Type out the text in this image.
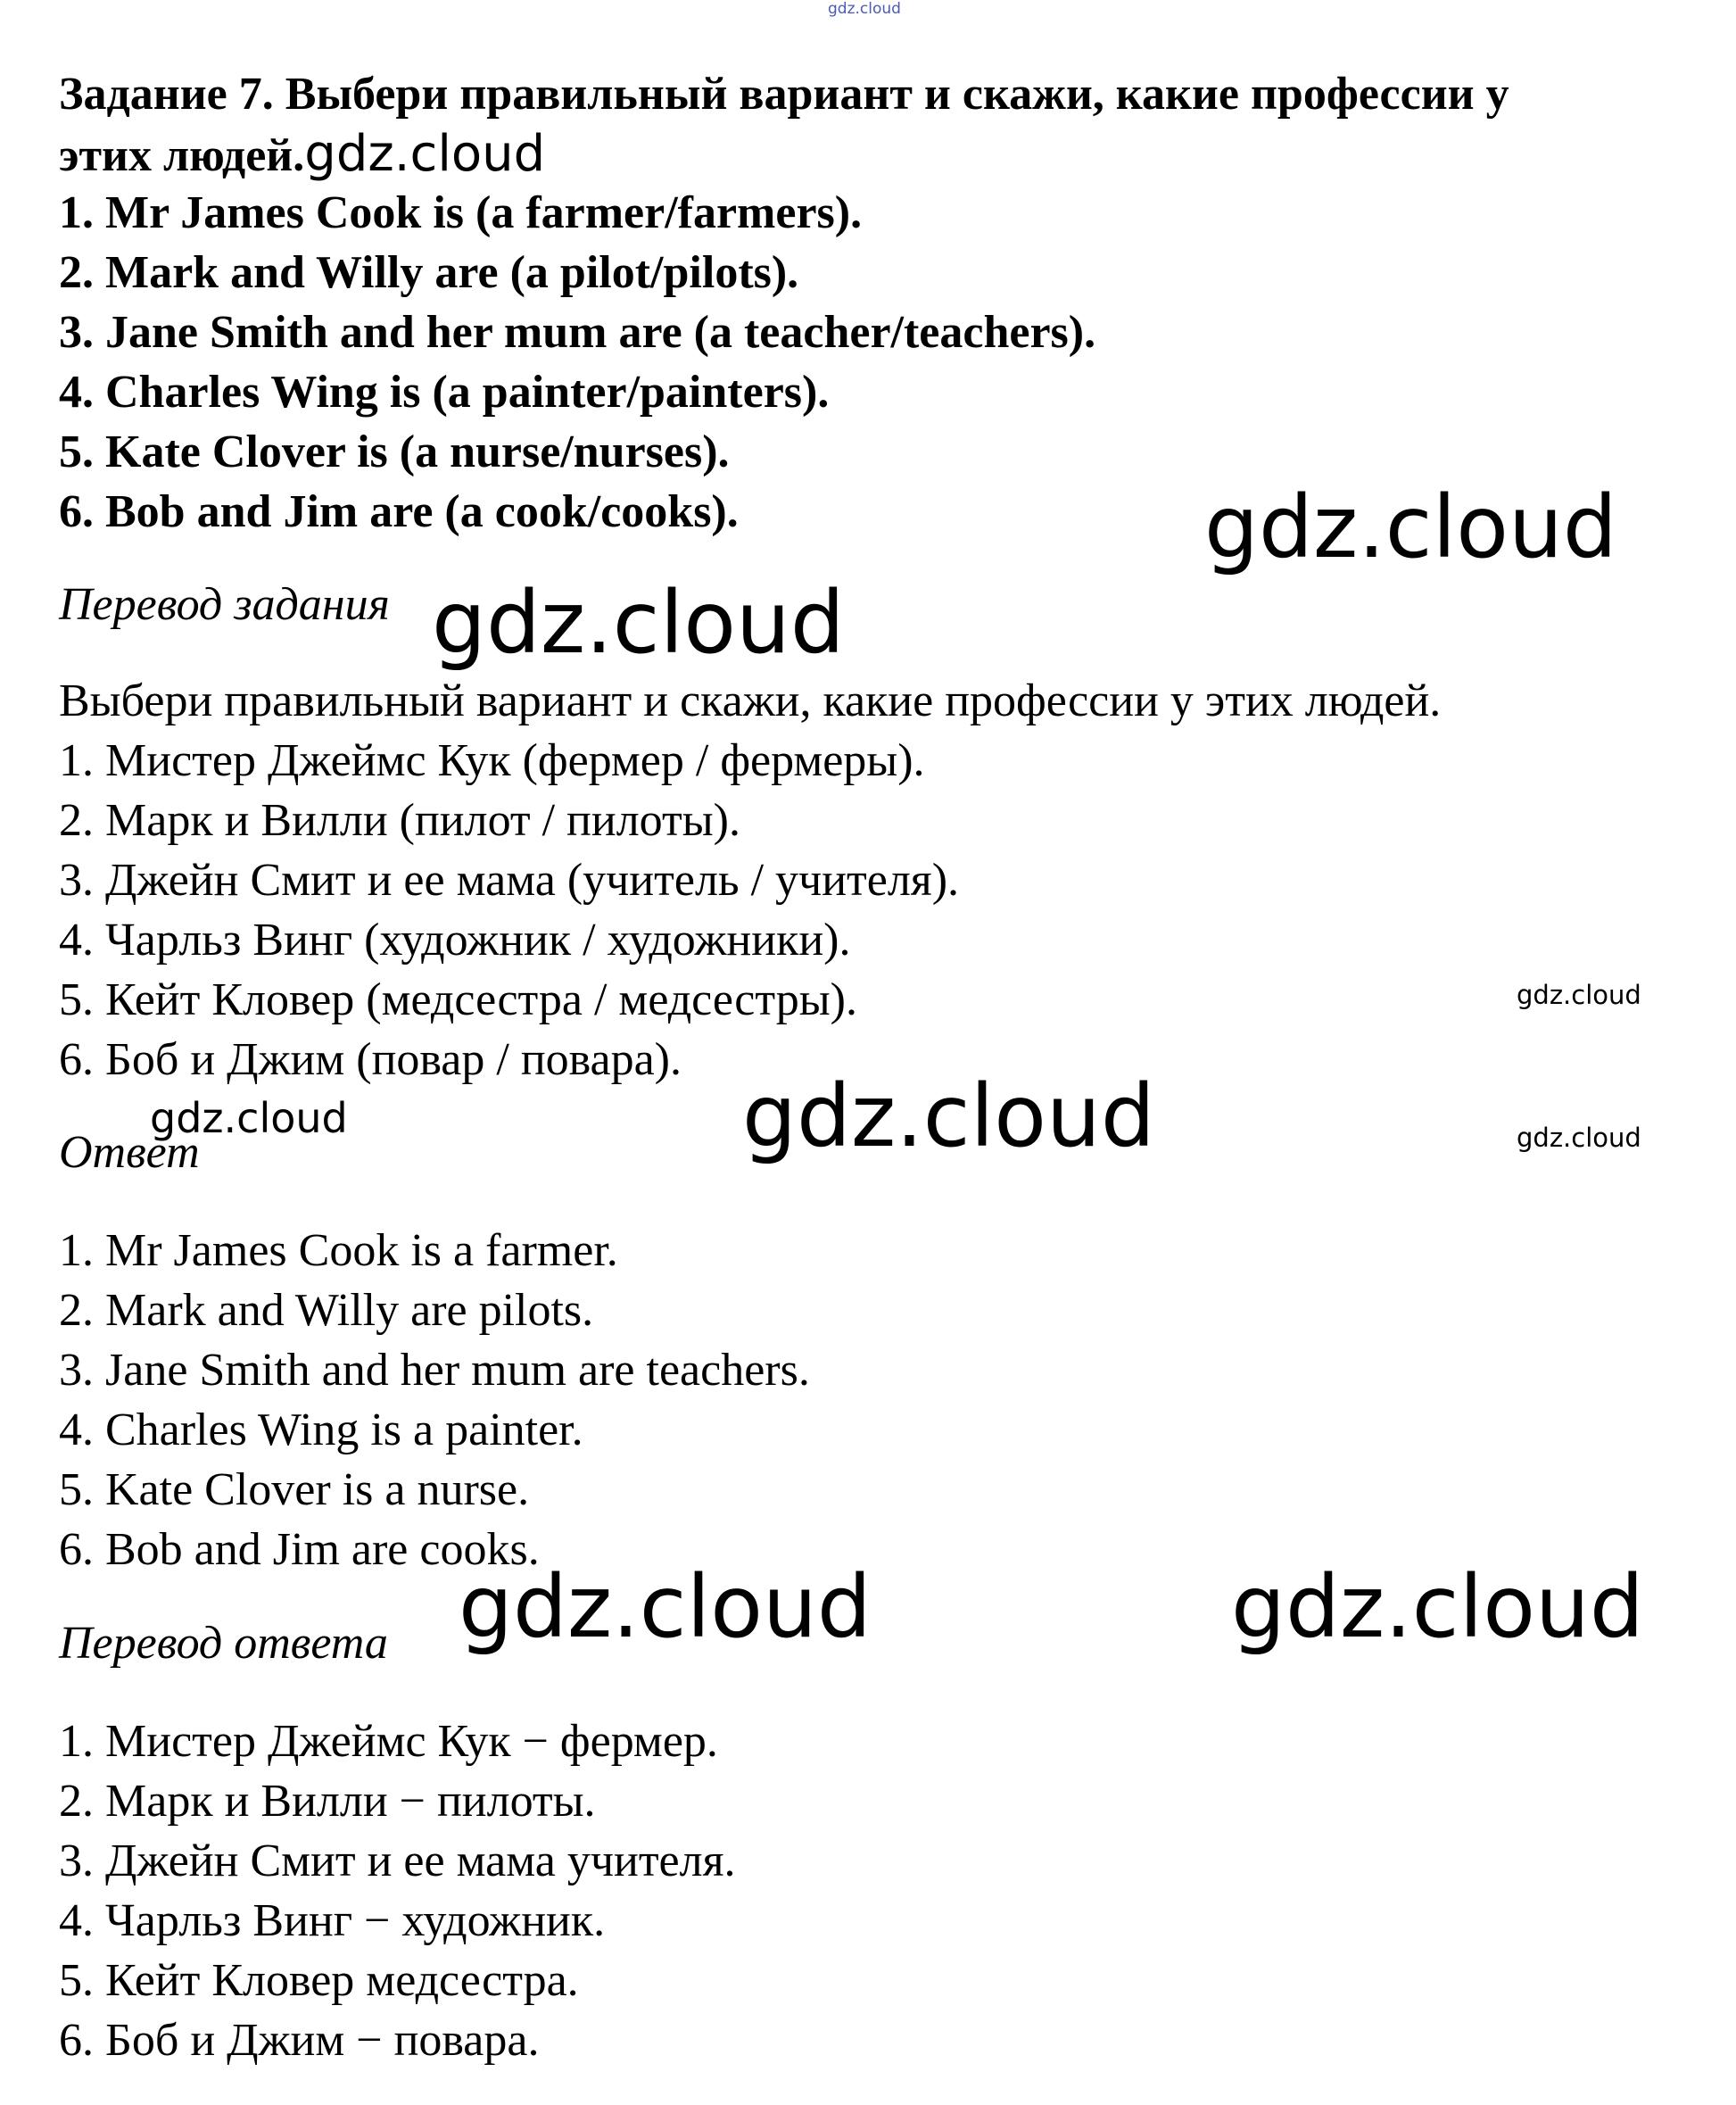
gdz.cloud
Задание 7. Выбери правильный вариант и скажи, какие профессии у
этих людей.gdz.cloud
1. Mr James Cook is (a farmer/farmers).
2. Mark and Willy are (a pilot/pilots).
3. Jane Smith and her mum are (a teacher/teachers).
4. Charles Wing is (a painter/painters).
5. Kate Clover is (a nurse/nurses).
6. Bob and Jim are (a cook/cooks).	gdz.cloud
Перевод задания gdz.cloud
Выбери правильный вариант и скажи, какие профессии у этих людей.
1. Мистер Джеймс Кук (фермер / фермеры).
2. Марк и Вилли (пилот / пилоты).
3. Джейн Смит и ее мама (учитель / учителя).
4. Чарльз Винг (художник / художники).
5. Кейт Кловер (медсестра / медсестры).
6. Боб и Джим (повар / повара).
gdz.cloud
gdz.cloud	gdz.cloud	gdz.cloud
Ответ
1. Mr James Cook is a farmer.
2. Mark and Willy are pilots.
3. Jane Smith and her mum are teachers.
4. Charles Wing is a painter.
5. Kate Clover is a nurse.
6. Bob and Jim are cooks.
gdz.cloud	gdz.cloud
Перевод ответа
1. Мистер Джеймс Кук − фермер.
2. Марк и Вилли − пилоты.
3. Джейн Смит и ее мама учителя.
4. Чарльз Винг − художник.
5. Кейт Кловер медсестра.
6. Боб и Джим − повара.
